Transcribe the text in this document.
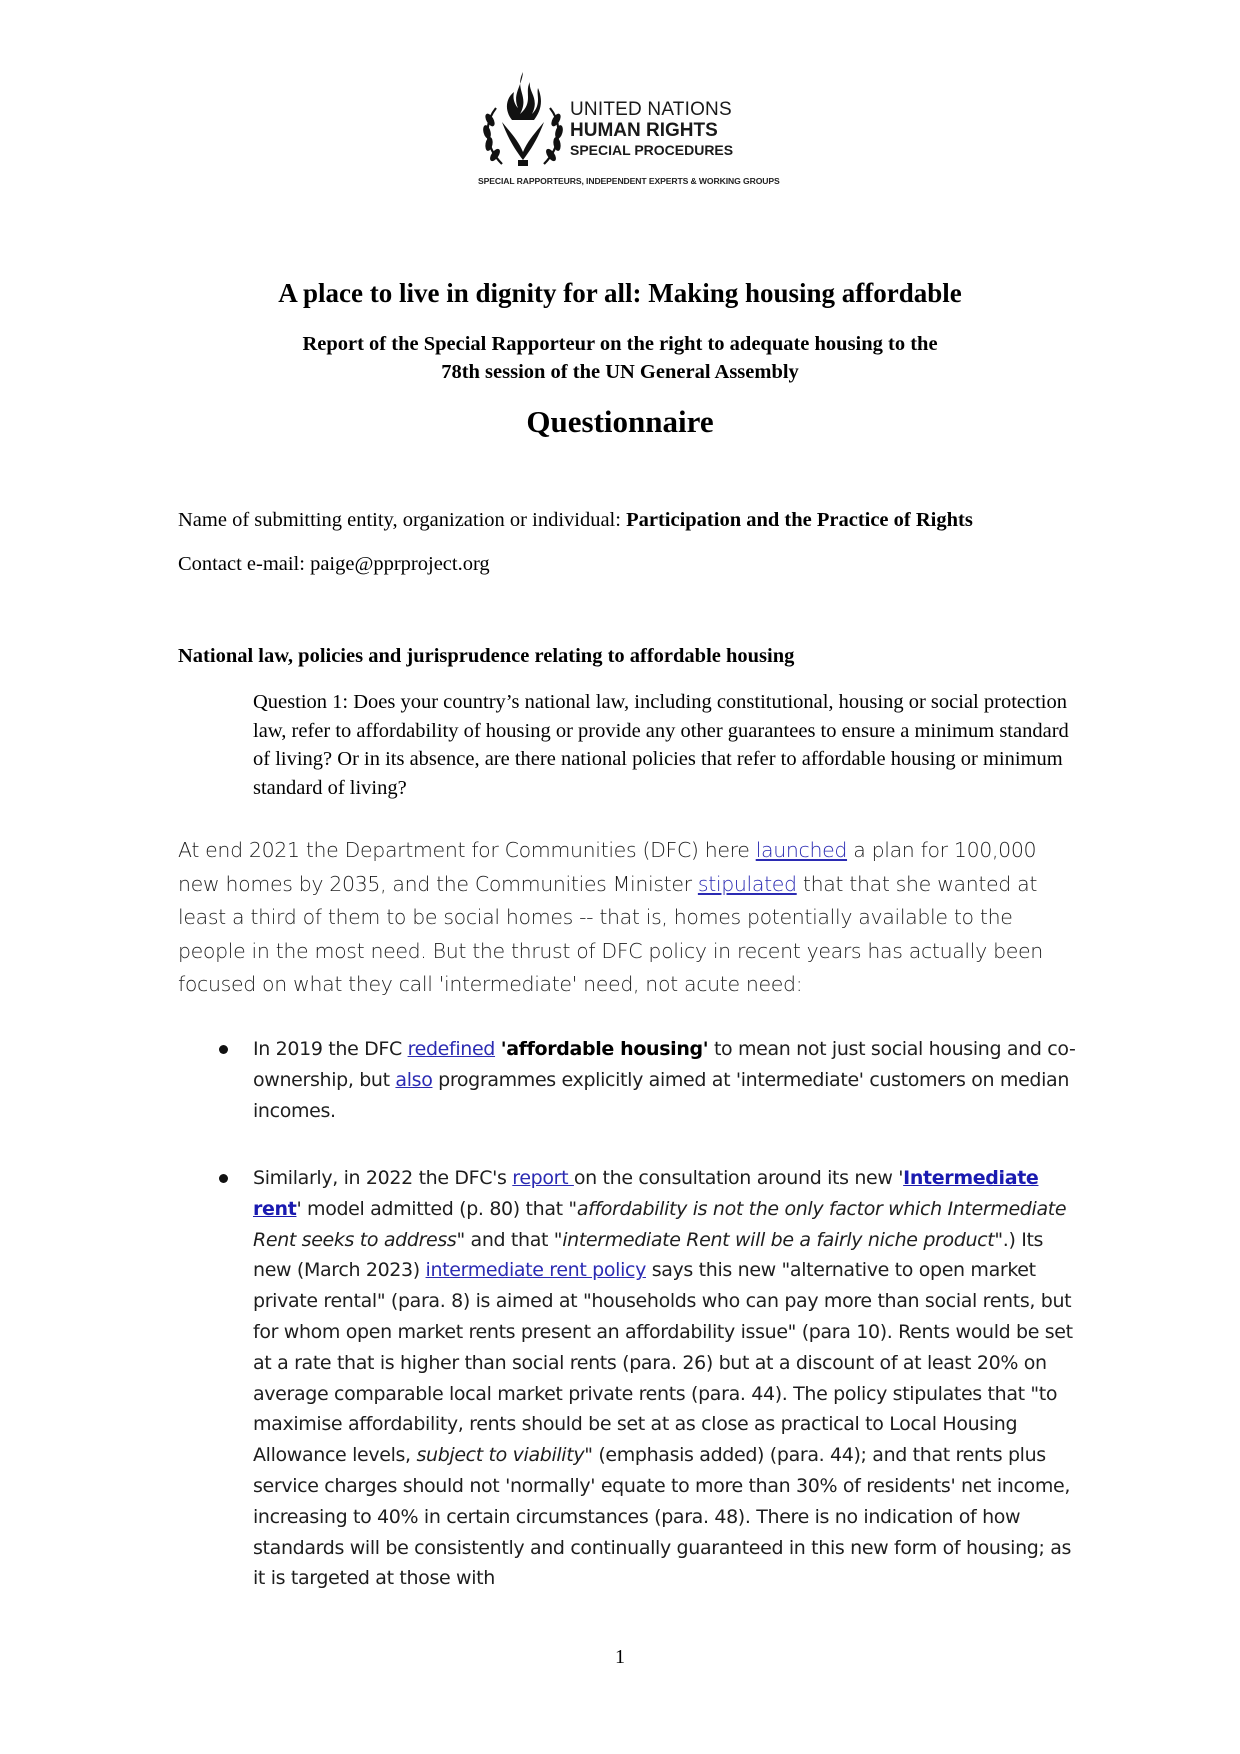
UNITED NATIONS
HUMAN RIGHTS
SPECIAL PROCEDURES
SPECIAL RAPPORTEURS, INDEPENDENT EXPERTS & WORKING GROUPS
A place to live in dignity for all: Making housing affordable
Report of the Special Rapporteur on the right to adequate housing to the
78th session of the UN General Assembly
Questionnaire
Name of submitting entity, organization or individual: Participation and the Practice of Rights
Contact e-mail: paige@pprproject.org
National law, policies and jurisprudence relating to affordable housing
Question 1: Does your country’s national law, including constitutional, housing or social protection law, refer to affordability of housing or provide any other guarantees to ensure a minimum standard of living? Or in its absence, are there national policies that refer to affordable housing or minimum standard of living?
At end 2021 the Department for Communities (DFC) here launched a plan for 100,000 new homes by 2035, and the Communities Minister stipulated that that she wanted at least a third of them to be social homes -- that is, homes potentially available to the people in the most need. But the thrust of DFC policy in recent years has actually been focused on what they call 'intermediate' need, not acute need:
In 2019 the DFC redefined 'affordable housing' to mean not just social housing and co-ownership, but also programmes explicitly aimed at 'intermediate' customers on median incomes.
Similarly, in 2022 the DFC's report on the consultation around its new 'Intermediate rent' model admitted (p. 80) that "affordability is not the only factor which Intermediate Rent seeks to address" and that "intermediate Rent will be a fairly niche product".) Its new (March 2023) intermediate rent policy says this new "alternative to open market private rental" (para. 8) is aimed at "households who can pay more than social rents, but for whom open market rents present an affordability issue" (para 10). Rents would be set at a rate that is higher than social rents (para. 26) but at a discount of at least 20% on average comparable local market private rents (para. 44). The policy stipulates that "to maximise affordability, rents should be set at as close as practical to Local Housing Allowance levels, subject to viability" (emphasis added) (para. 44); and that rents plus service charges should not 'normally' equate to more than 30% of residents' net income, increasing to 40% in certain circumstances (para. 48). There is no indication of how standards will be consistently and continually guaranteed in this new form of housing; as it is targeted at those with
1
